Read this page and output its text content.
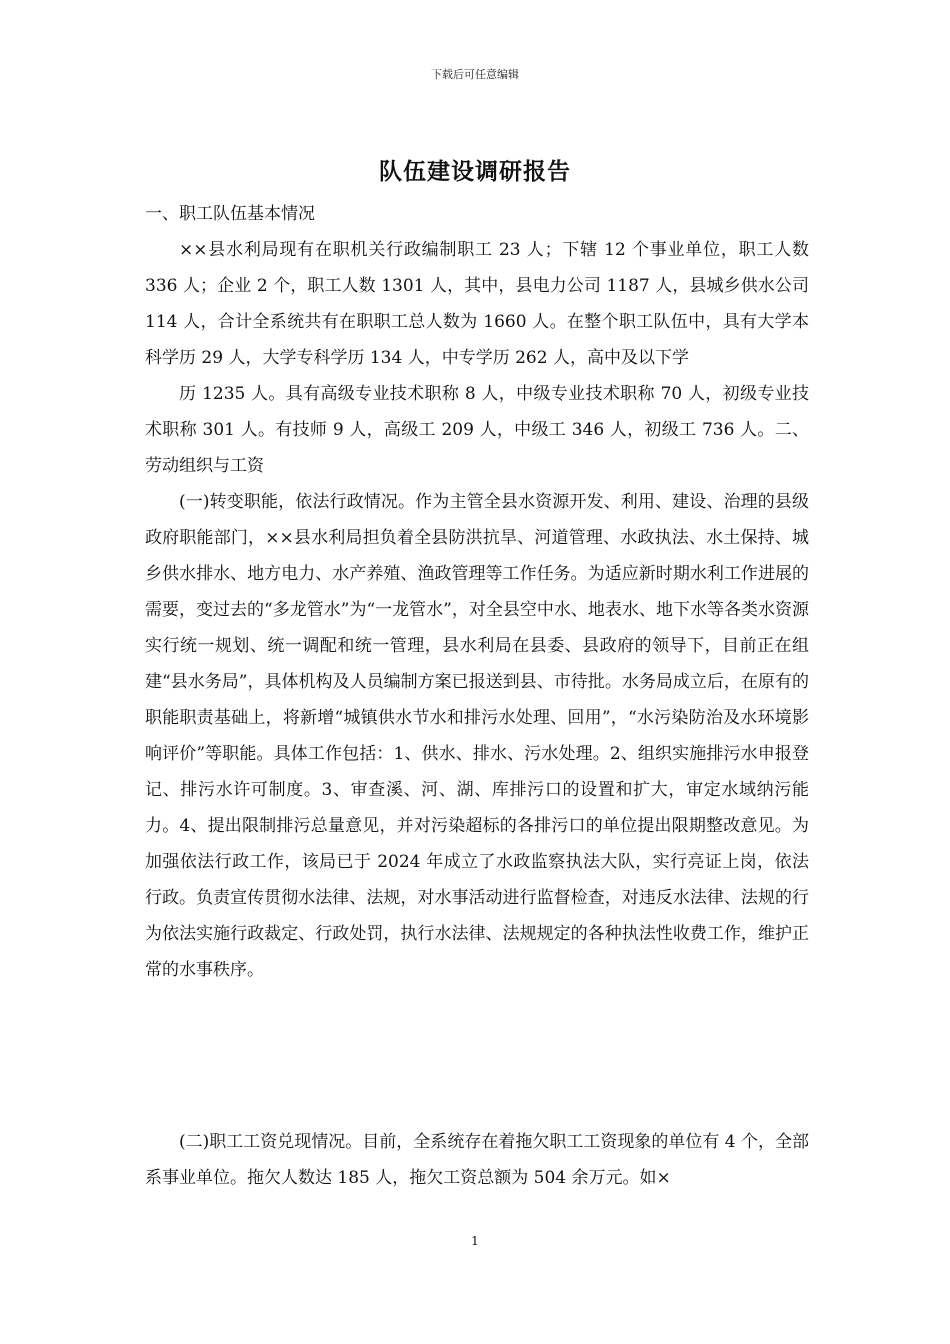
下载后可任意编辑
队伍建设调研报告

一、职工队伍基本情况

××县水利局现有在职机关行政编制职工 23 人；下辖 12 个事业单位，职工人数 336 人；企业 2 个，职工人数 1301 人，其中，县电力公司 1187 人，县城乡供水公司 114 人，合计全系统共有在职职工总人数为 1660 人。在整个职工队伍中，具有大学本科学历 29 人，大学专科学历 134 人，中专学历 262 人，高中及以下学

历 1235 人。具有高级专业技术职称 8 人，中级专业技术职称 70 人，初级专业技术职称 301 人。有技师 9 人，高级工 209 人，中级工 346 人，初级工 736 人。二、劳动组织与工资

(一)转变职能，依法行政情况。作为主管全县水资源开发、利用、建设、治理的县级政府职能部门，××县水利局担负着全县防洪抗旱、河道管理、水政执法、水土保持、城乡供水排水、地方电力、水产养殖、渔政管理等工作任务。为适应新时期水利工作进展的需要，变过去的“多龙管水”为“一龙管水”，对全县空中水、地表水、地下水等各类水资源实行统一规划、统一调配和统一管理，县水利局在县委、县政府的领导下，目前正在组建“县水务局”，具体机构及人员编制方案已报送到县、市待批。水务局成立后，在原有的职能职责基础上，将新增“城镇供水节水和排污水处理、回用”，“水污染防治及水环境影响评价”等职能。具体工作包括：1、供水、排水、污水处理。2、组织实施排污水申报登记、排污水许可制度。3、审查溪、河、湖、库排污口的设置和扩大，审定水域纳污能力。4、提出限制排污总量意见，并对污染超标的各排污口的单位提出限期整改意见。为加强依法行政工作，该局已于 2024 年成立了水政监察执法大队，实行亮证上岗，依法行政。负责宣传贯彻水法律、法规，对水事活动进行监督检查，对违反水法律、法规的行为依法实施行政裁定、行政处罚，执行水法律、法规规定的各种执法性收费工作，维护正常的水事秩序。

(二)职工工资兑现情况。目前，全系统存在着拖欠职工工资现象的单位有 4 个，全部系事业单位。拖欠人数达 185 人，拖欠工资总额为 504 余万元。如×

1
